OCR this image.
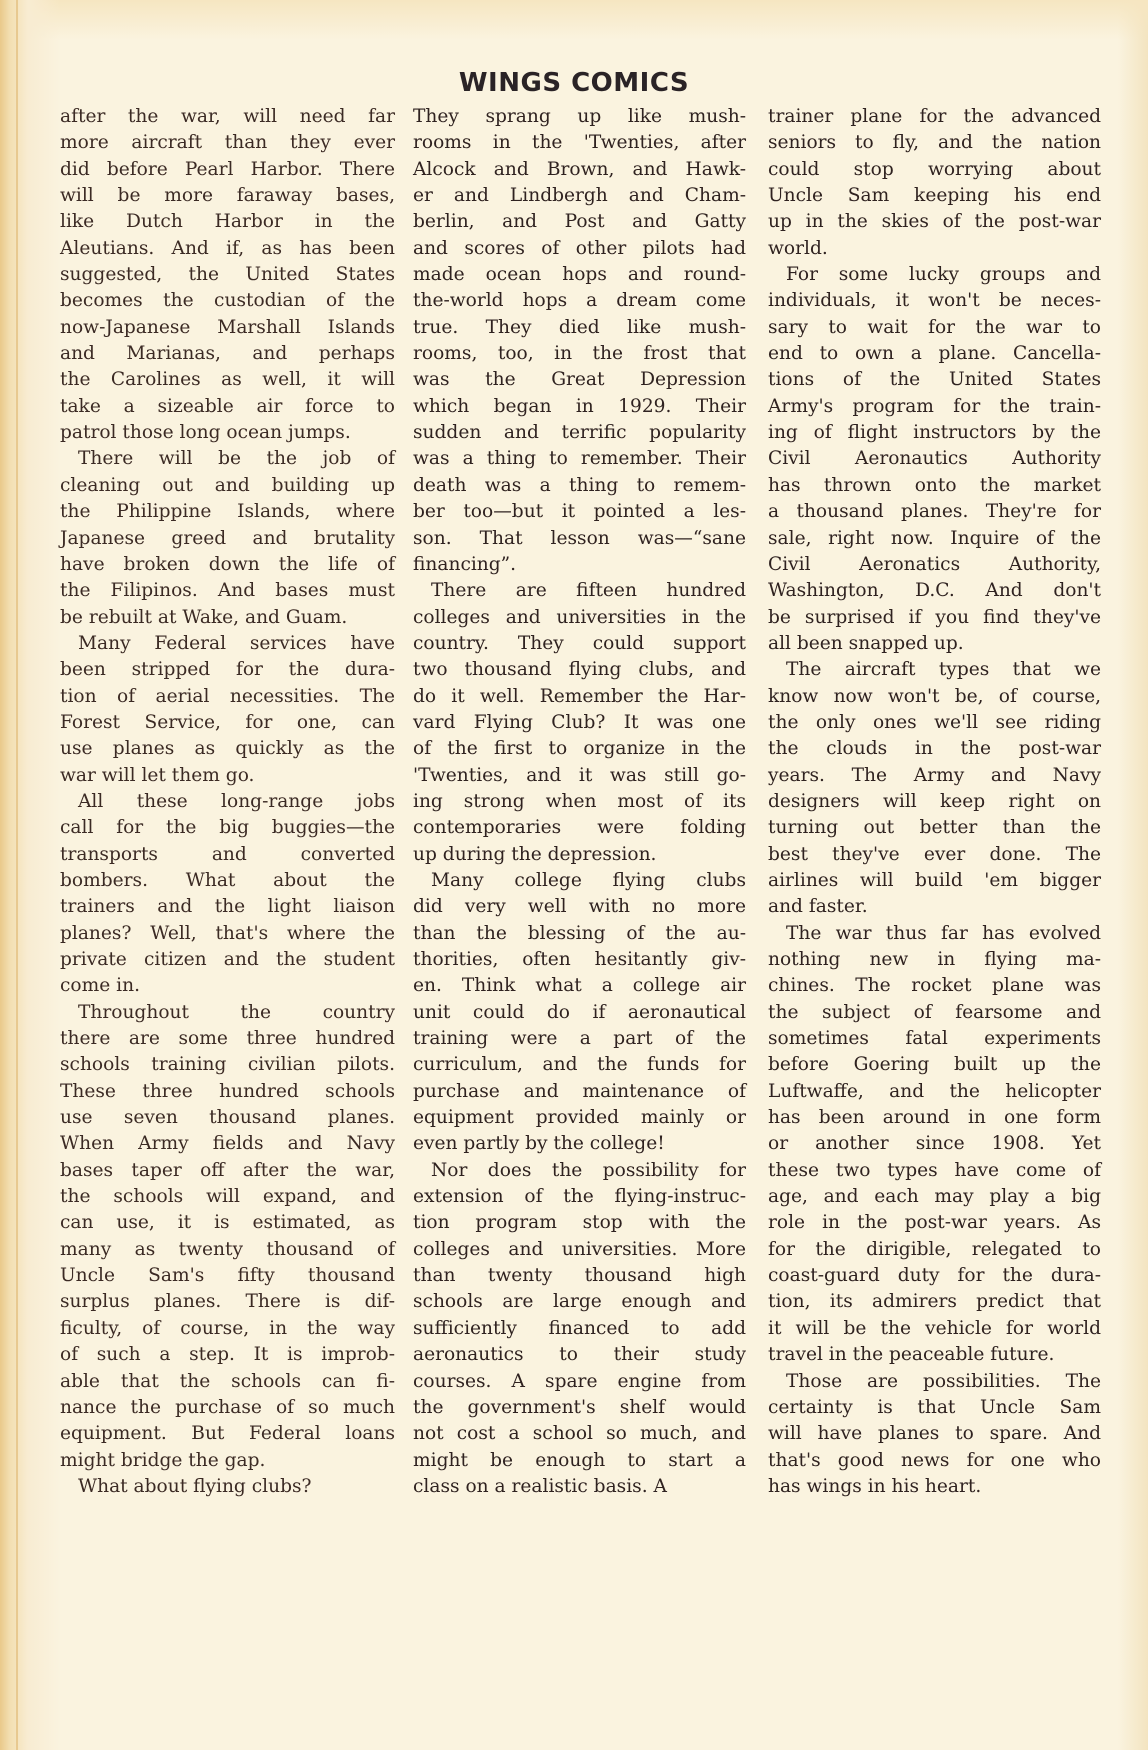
WINGS COMICS
after the war, will need far
more aircraft than they ever
did before Pearl Harbor. There
will be more faraway bases,
like Dutch Harbor in the
Aleutians. And if, as has been
suggested, the United States
becomes the custodian of the
now-Japanese Marshall Islands
and Marianas, and perhaps
the Carolines as well, it will
take a sizeable air force to
patrol those long ocean jumps.
There will be the job of
cleaning out and building up
the Philippine Islands, where
Japanese greed and brutality
have broken down the life of
the Filipinos. And bases must
be rebuilt at Wake, and Guam.
Many Federal services have
been stripped for the dura-
tion of aerial necessities. The
Forest Service, for one, can
use planes as quickly as the
war will let them go.
All these long-range jobs
call for the big buggies—the
transports and converted
bombers. What about the
trainers and the light liaison
planes? Well, that's where the
private citizen and the student
come in.
Throughout the country
there are some three hundred
schools training civilian pilots.
These three hundred schools
use seven thousand planes.
When Army fields and Navy
bases taper off after the war,
the schools will expand, and
can use, it is estimated, as
many as twenty thousand of
Uncle Sam's fifty thousand
surplus planes. There is dif-
ficulty, of course, in the way
of such a step. It is improb-
able that the schools can fi-
nance the purchase of so much
equipment. But Federal loans
might bridge the gap.
What about flying clubs?
They sprang up like mush-
rooms in the 'Twenties, after
Alcock and Brown, and Hawk-
er and Lindbergh and Cham-
berlin, and Post and Gatty
and scores of other pilots had
made ocean hops and round-
the-world hops a dream come
true. They died like mush-
rooms, too, in the frost that
was the Great Depression
which began in 1929. Their
sudden and terrific popularity
was a thing to remember. Their
death was a thing to remem-
ber too—but it pointed a les-
son. That lesson was—“sane
financing”.
There are fifteen hundred
colleges and universities in the
country. They could support
two thousand flying clubs, and
do it well. Remember the Har-
vard Flying Club? It was one
of the first to organize in the
'Twenties, and it was still go-
ing strong when most of its
contemporaries were folding
up during the depression.
Many college flying clubs
did very well with no more
than the blessing of the au-
thorities, often hesitantly giv-
en. Think what a college air
unit could do if aeronautical
training were a part of the
curriculum, and the funds for
purchase and maintenance of
equipment provided mainly or
even partly by the college!
Nor does the possibility for
extension of the flying-instruc-
tion program stop with the
colleges and universities. More
than twenty thousand high
schools are large enough and
sufficiently financed to add
aeronautics to their study
courses. A spare engine from
the government's shelf would
not cost a school so much, and
might be enough to start a
class on a realistic basis. A
trainer plane for the advanced
seniors to fly, and the nation
could stop worrying about
Uncle Sam keeping his end
up in the skies of the post-war
world.
For some lucky groups and
individuals, it won't be neces-
sary to wait for the war to
end to own a plane. Cancella-
tions of the United States
Army's program for the train-
ing of flight instructors by the
Civil Aeronautics Authority
has thrown onto the market
a thousand planes. They're for
sale, right now. Inquire of the
Civil Aeronatics Authority,
Washington, D.C. And don't
be surprised if you find they've
all been snapped up.
The aircraft types that we
know now won't be, of course,
the only ones we'll see riding
the clouds in the post-war
years. The Army and Navy
designers will keep right on
turning out better than the
best they've ever done. The
airlines will build 'em bigger
and faster.
The war thus far has evolved
nothing new in flying ma-
chines. The rocket plane was
the subject of fearsome and
sometimes fatal experiments
before Goering built up the
Luftwaffe, and the helicopter
has been around in one form
or another since 1908. Yet
these two types have come of
age, and each may play a big
role in the post-war years. As
for the dirigible, relegated to
coast-guard duty for the dura-
tion, its admirers predict that
it will be the vehicle for world
travel in the peaceable future.
Those are possibilities. The
certainty is that Uncle Sam
will have planes to spare. And
that's good news for one who
has wings in his heart.
